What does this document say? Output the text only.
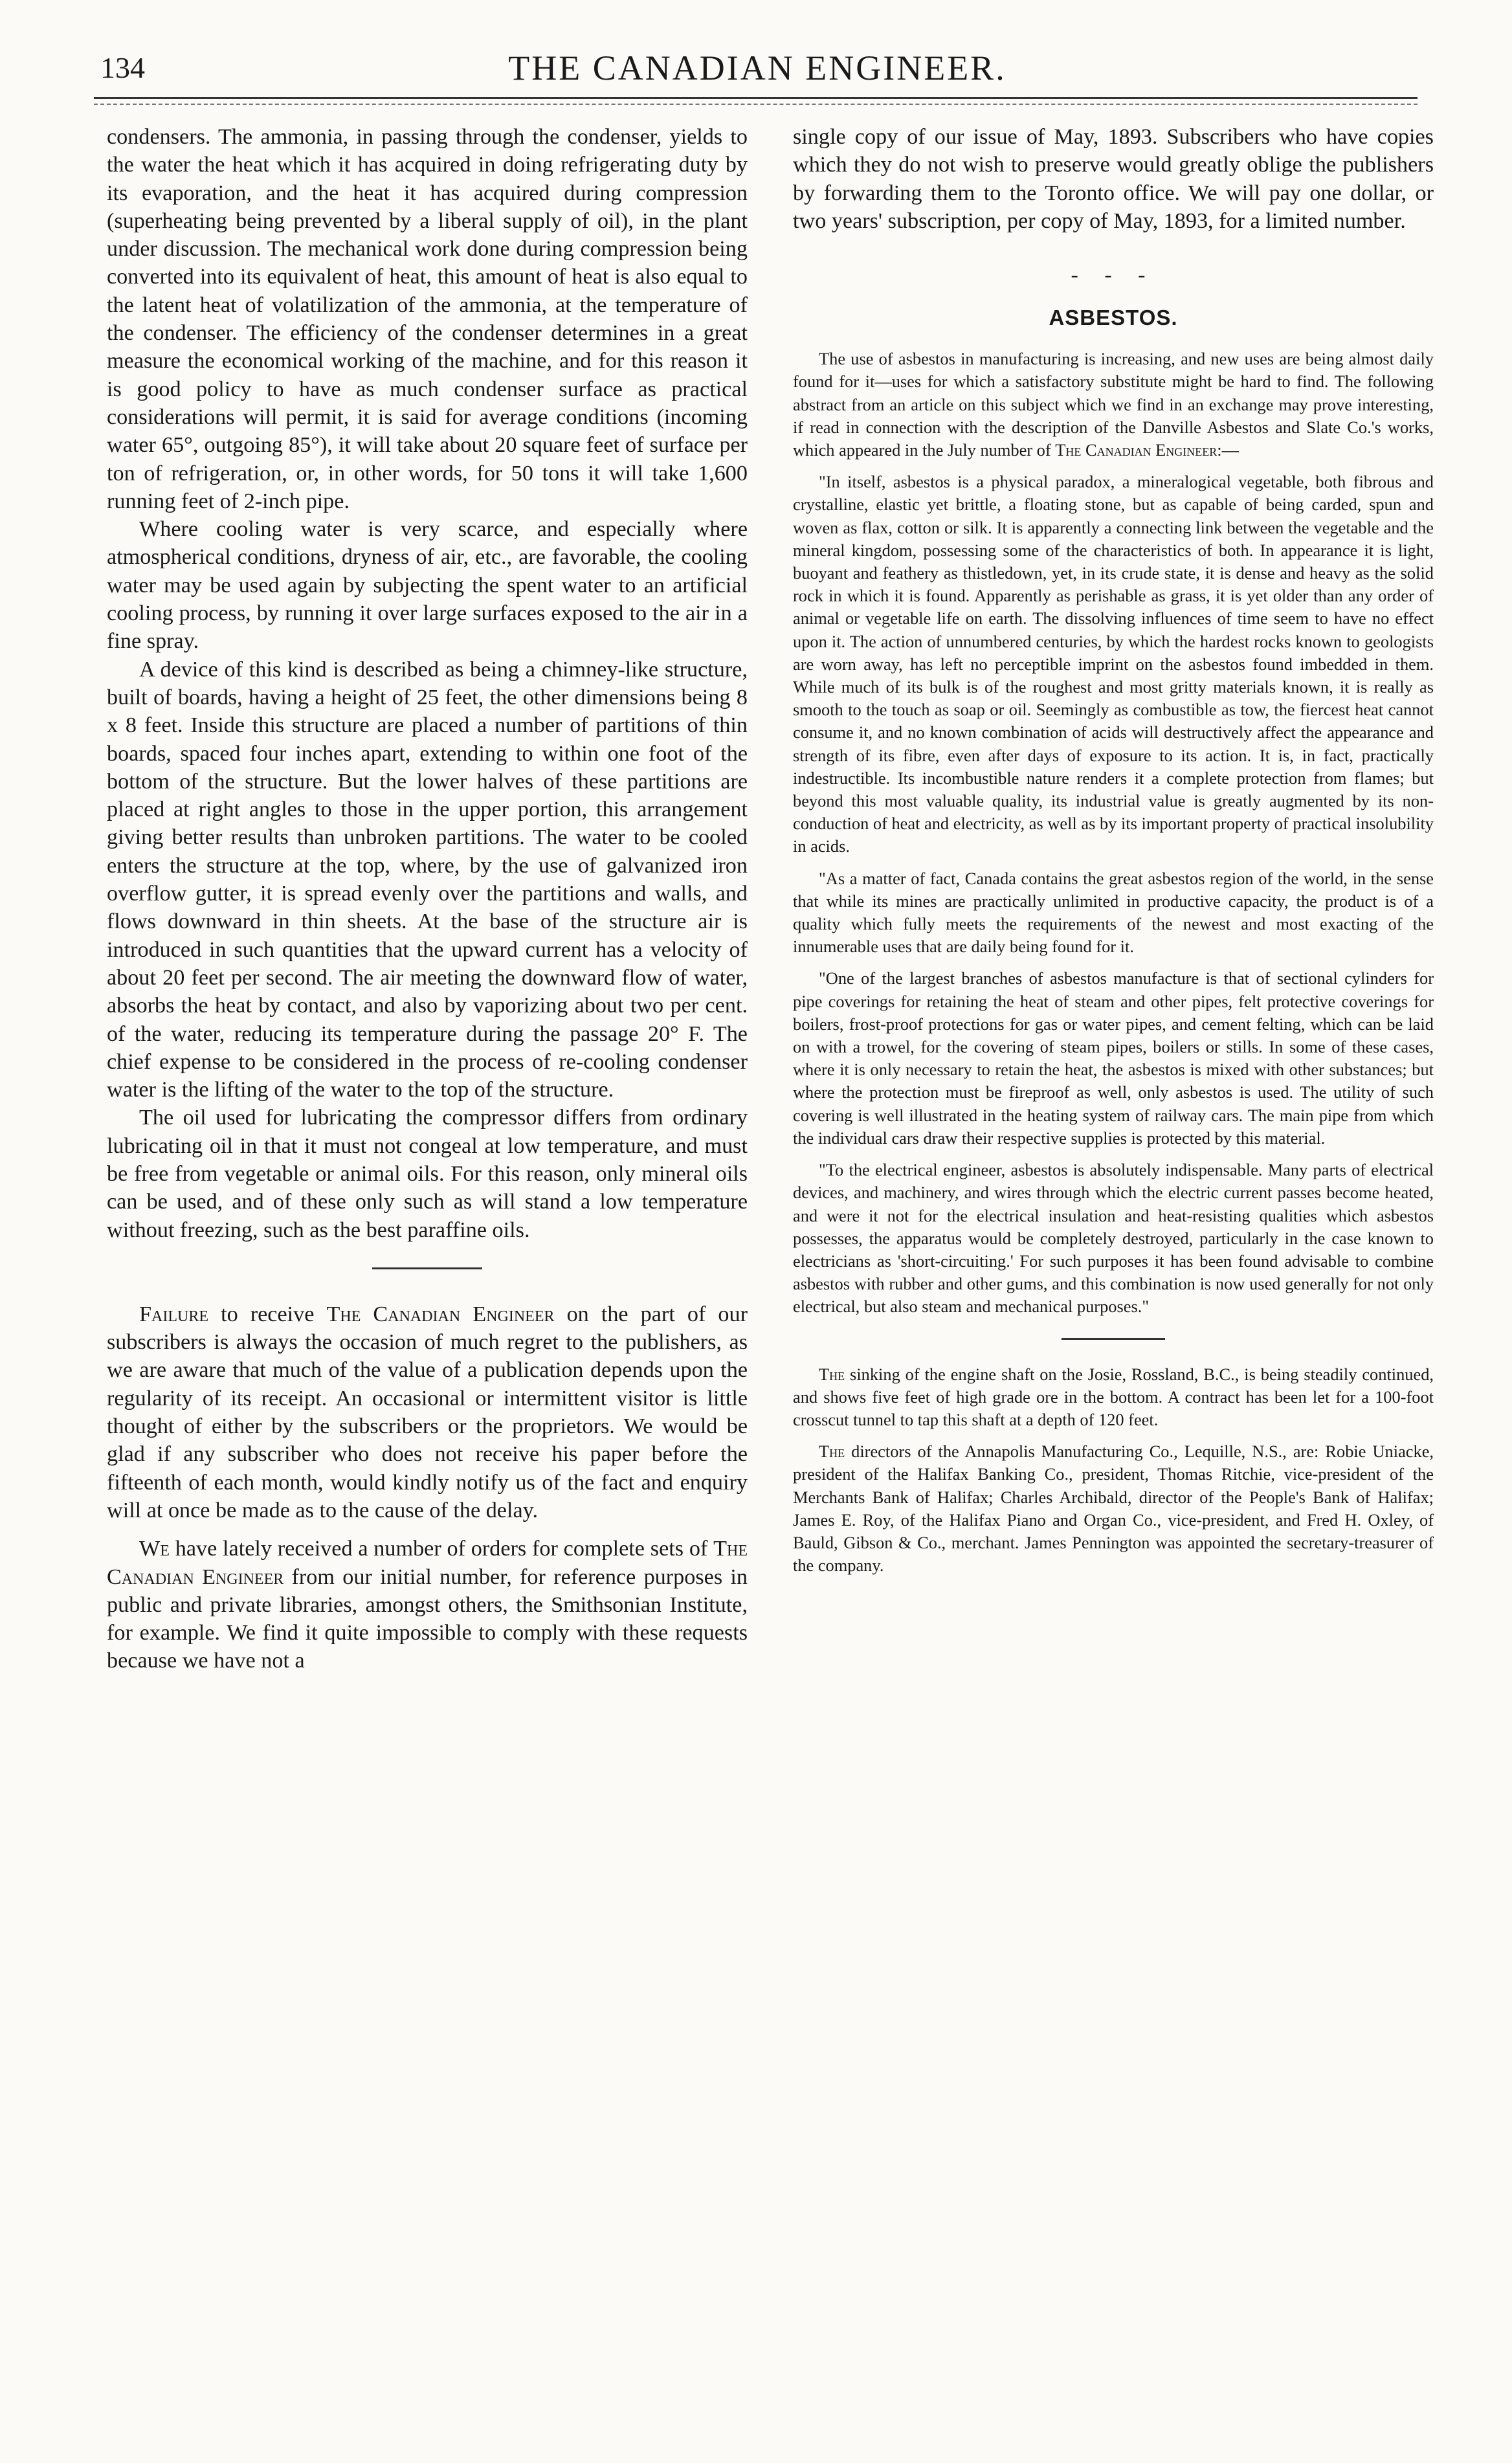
134	THE CANADIAN ENGINEER.

condensers. The ammonia, in passing through the condenser, yields to the water the heat which it has acquired in doing refrigerating duty by its evaporation, and the heat it has acquired during compression (superheating being prevented by a liberal supply of oil), in the plant under discussion. The mechanical work done during compression being converted into its equivalent of heat, this amount of heat is also equal to the latent heat of volatilization of the ammonia, at the temperature of the condenser. The efficiency of the condenser determines in a great measure the economical working of the machine, and for this reason it is good policy to have as much condenser surface as practical considerations will permit, it is said for average conditions (incoming water 65°, outgoing 85°), it will take about 20 square feet of surface per ton of refrigeration, or, in other words, for 50 tons it will take 1,600 running feet of 2-inch pipe.

Where cooling water is very scarce, and especially where atmospherical conditions, dryness of air, etc., are favorable, the cooling water may be used again by subjecting the spent water to an artificial cooling process, by running it over large surfaces exposed to the air in a fine spray.

A device of this kind is described as being a chimney-like structure, built of boards, having a height of 25 feet, the other dimensions being 8 x 8 feet. Inside this structure are placed a number of partitions of thin boards, spaced four inches apart, extending to within one foot of the bottom of the structure. But the lower halves of these partitions are placed at right angles to those in the upper portion, this arrangement giving better results than unbroken partitions. The water to be cooled enters the structure at the top, where, by the use of galvanized iron overflow gutter, it is spread evenly over the partitions and walls, and flows downward in thin sheets. At the base of the structure air is introduced in such quantities that the upward current has a velocity of about 20 feet per second. The air meeting the downward flow of water, absorbs the heat by contact, and also by vaporizing about two per cent. of the water, reducing its temperature during the passage 20° F. The chief expense to be considered in the process of re-cooling condenser water is the lifting of the water to the top of the structure.

The oil used for lubricating the compressor differs from ordinary lubricating oil in that it must not congeal at low temperature, and must be free from vegetable or animal oils. For this reason, only mineral oils can be used, and of these only such as will stand a low temperature without freezing, such as the best paraffine oils.

Failure to receive The Canadian Engineer on the part of our subscribers is always the occasion of much regret to the publishers, as we are aware that much of the value of a publication depends upon the regularity of its receipt. An occasional or intermittent visitor is little thought of either by the subscribers or the proprietors. We would be glad if any subscriber who does not receive his paper before the fifteenth of each month, would kindly notify us of the fact and enquiry will at once be made as to the cause of the delay.

We have lately received a number of orders for complete sets of The Canadian Engineer from our initial number, for reference purposes in public and private libraries, amongst others, the Smithsonian Institute, for example. We find it quite impossible to comply with these requests because we have not a

single copy of our issue of May, 1893. Subscribers who have copies which they do not wish to preserve would greatly oblige the publishers by forwarding them to the Toronto office. We will pay one dollar, or two years' subscription, per copy of May, 1893, for a limited number.

- - -
ASBESTOS.

The use of asbestos in manufacturing is increasing, and new uses are being almost daily found for it—uses for which a satisfactory substitute might be hard to find. The following abstract from an article on this subject which we find in an exchange may prove interesting, if read in connection with the description of the Danville Asbestos and Slate Co.'s works, which appeared in the July number of The Canadian Engineer:—

"In itself, asbestos is a physical paradox, a mineralogical vegetable, both fibrous and crystalline, elastic yet brittle, a floating stone, but as capable of being carded, spun and woven as flax, cotton or silk. It is apparently a connecting link between the vegetable and the mineral kingdom, possessing some of the characteristics of both. In appearance it is light, buoyant and feathery as thistledown, yet, in its crude state, it is dense and heavy as the solid rock in which it is found. Apparently as perishable as grass, it is yet older than any order of animal or vegetable life on earth. The dissolving influences of time seem to have no effect upon it. The action of unnumbered centuries, by which the hardest rocks known to geologists are worn away, has left no perceptible imprint on the asbestos found imbedded in them. While much of its bulk is of the roughest and most gritty materials known, it is really as smooth to the touch as soap or oil. Seemingly as combustible as tow, the fiercest heat cannot consume it, and no known combination of acids will destructively affect the appearance and strength of its fibre, even after days of exposure to its action. It is, in fact, practically indestructible. Its incombustible nature renders it a complete protection from flames; but beyond this most valuable quality, its industrial value is greatly augmented by its non-conduction of heat and electricity, as well as by its important property of practical insolubility in acids.

"As a matter of fact, Canada contains the great asbestos region of the world, in the sense that while its mines are practically unlimited in productive capacity, the product is of a quality which fully meets the requirements of the newest and most exacting of the innumerable uses that are daily being found for it.

"One of the largest branches of asbestos manufacture is that of sectional cylinders for pipe coverings for retaining the heat of steam and other pipes, felt protective coverings for boilers, frost-proof protections for gas or water pipes, and cement felting, which can be laid on with a trowel, for the covering of steam pipes, boilers or stills. In some of these cases, where it is only necessary to retain the heat, the asbestos is mixed with other substances; but where the protection must be fireproof as well, only asbestos is used. The utility of such covering is well illustrated in the heating system of railway cars. The main pipe from which the individual cars draw their respective supplies is protected by this material.

"To the electrical engineer, asbestos is absolutely indispensable. Many parts of electrical devices, and machinery, and wires through which the electric current passes become heated, and were it not for the electrical insulation and heat-resisting qualities which asbestos possesses, the apparatus would be completely destroyed, particularly in the case known to electricians as 'short-circuiting.' For such purposes it has been found advisable to combine asbestos with rubber and other gums, and this combination is now used generally for not only electrical, but also steam and mechanical purposes."

The sinking of the engine shaft on the Josie, Rossland, B.C., is being steadily continued, and shows five feet of high grade ore in the bottom. A contract has been let for a 100-foot crosscut tunnel to tap this shaft at a depth of 120 feet.

The directors of the Annapolis Manufacturing Co., Lequille, N.S., are: Robie Uniacke, president of the Halifax Banking Co., president, Thomas Ritchie, vice-president of the Merchants Bank of Halifax; Charles Archibald, director of the People's Bank of Halifax; James E. Roy, of the Halifax Piano and Organ Co., vice-president, and Fred H. Oxley, of Bauld, Gibson & Co., merchant. James Pennington was appointed the secretary-treasurer of the company.
